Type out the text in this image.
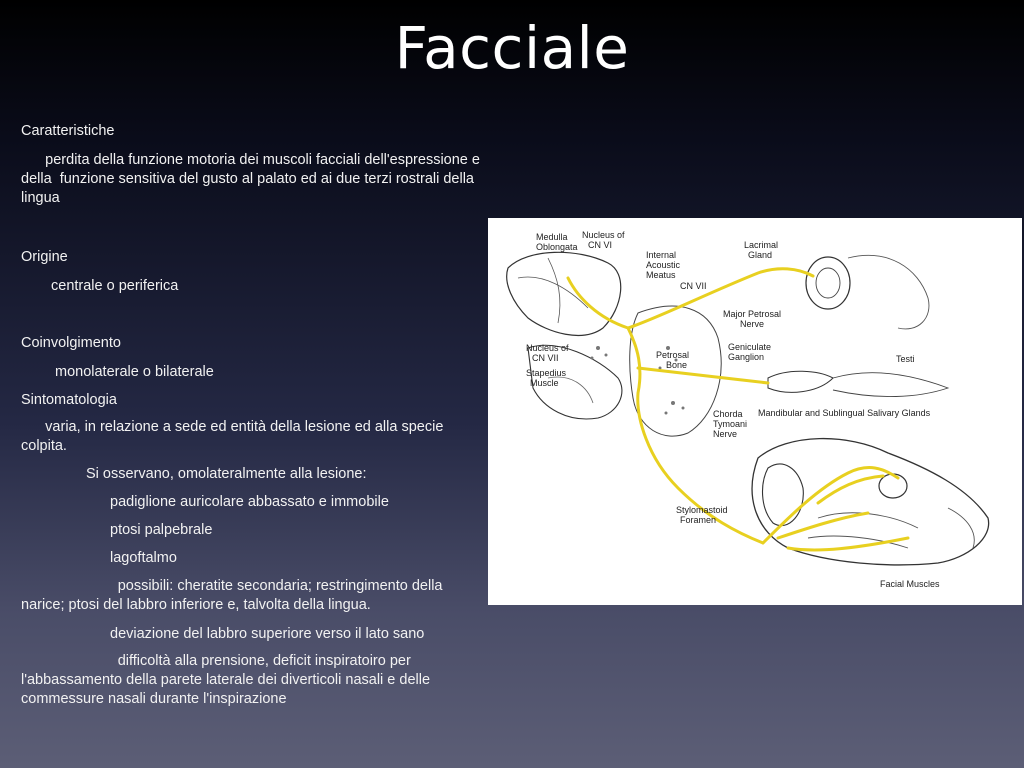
Facciale
Caratteristiche
perdita della funzione motoria dei muscoli facciali dell'espressione e  della  funzione sensitiva del gusto al palato ed ai due terzi rostrali della lingua
Origine
centrale o periferica
Coinvolgimento
monolaterale o bilaterale
Sintomatologia
varia, in relazione a sede ed entità della lesione ed alla specie colpita.
Si osservano, omolateralmente alla lesione:
padiglione auricolare abbassato e immobile
ptosi palpebrale
lagoftalmo
possibili: cheratite secondaria; restringimento della narice; ptosi del labbro inferiore e, talvolta della lingua.
deviazione del labbro superiore verso il lato sano
difficoltà alla prensione, deficit inspiratoiro per l'abbassamento della parete laterale dei diverticoli nasali e delle commessure nasali durante l'inspirazione
Medulla Oblongata
Nucleus of CN VI
Internal Acoustic Meatus
Lacrimal Gland
CN VII
Major Petrosal Nerve
Nucleus of CN VII
Geniculate Ganglion
Petrosal Bone
Testi
Stapedius Muscle
Chorda Tymoani Nerve
Mandibular and Sublingual Salivary Glands
Stylomastoid Foramen
Facial Muscles
